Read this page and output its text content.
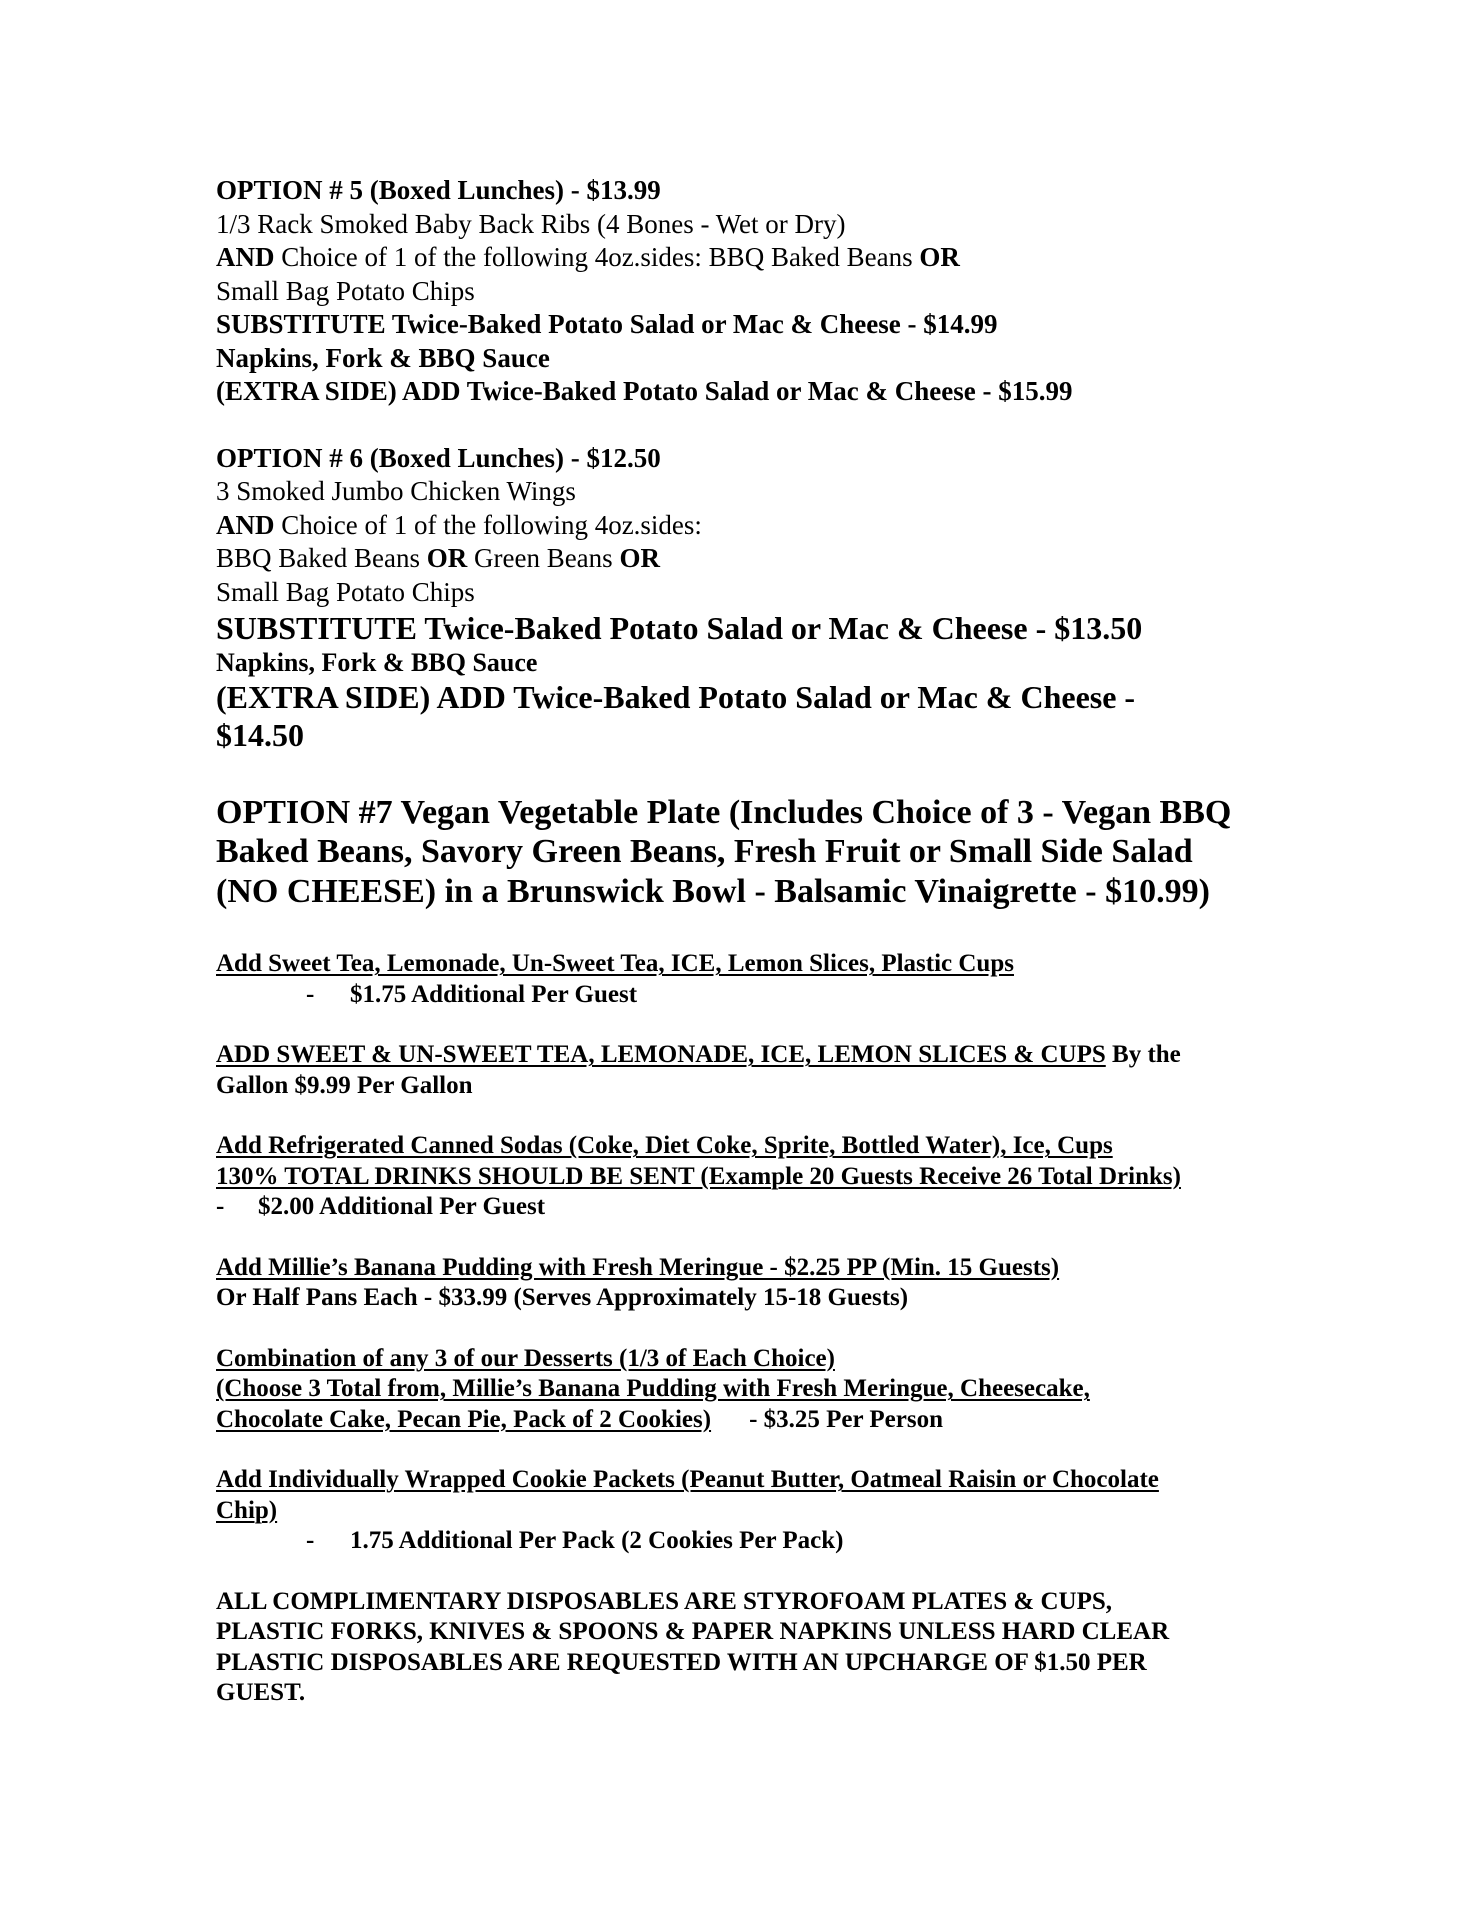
OPTION # 5 (Boxed Lunches) - $13.99
1/3 Rack Smoked Baby Back Ribs (4 Bones - Wet or Dry)
AND Choice of 1 of the following 4oz.sides: BBQ Baked Beans OR
Small Bag Potato Chips
SUBSTITUTE Twice-Baked Potato Salad or Mac & Cheese - $14.99
Napkins, Fork & BBQ Sauce
(EXTRA SIDE) ADD Twice-Baked Potato Salad or Mac & Cheese - $15.99
OPTION # 6 (Boxed Lunches) - $12.50
3 Smoked Jumbo Chicken Wings
AND Choice of 1 of the following 4oz.sides:
BBQ Baked Beans OR Green Beans OR
Small Bag Potato Chips
SUBSTITUTE Twice-Baked Potato Salad or Mac & Cheese - $13.50
Napkins, Fork & BBQ Sauce
(EXTRA SIDE) ADD Twice-Baked Potato Salad or Mac & Cheese -
$14.50
OPTION #7 Vegan Vegetable Plate (Includes Choice of 3 - Vegan BBQ
Baked Beans, Savory Green Beans, Fresh Fruit or Small Side Salad
(NO CHEESE) in a Brunswick Bowl - Balsamic Vinaigrette - $10.99)
Add Sweet Tea, Lemonade, Un-Sweet Tea, ICE, Lemon Slices, Plastic Cups
- $1.75 Additional Per Guest
ADD SWEET & UN-SWEET TEA, LEMONADE, ICE, LEMON SLICES & CUPS By the
Gallon $9.99 Per Gallon
Add Refrigerated Canned Sodas (Coke, Diet Coke, Sprite, Bottled Water), Ice, Cups
130% TOTAL DRINKS SHOULD BE SENT (Example 20 Guests Receive 26 Total Drinks)
- $2.00 Additional Per Guest
Add Millie’s Banana Pudding with Fresh Meringue - $2.25 PP (Min. 15 Guests)
Or Half Pans Each - $33.99 (Serves Approximately 15-18 Guests)
Combination of any 3 of our Desserts (1/3 of Each Choice)
(Choose 3 Total from, Millie’s Banana Pudding with Fresh Meringue, Cheesecake,
Chocolate Cake, Pecan Pie, Pack of 2 Cookies) - $3.25 Per Person
Add Individually Wrapped Cookie Packets (Peanut Butter, Oatmeal Raisin or Chocolate
Chip)
- 1.75 Additional Per Pack (2 Cookies Per Pack)
ALL COMPLIMENTARY DISPOSABLES ARE STYROFOAM PLATES & CUPS,
PLASTIC FORKS, KNIVES & SPOONS & PAPER NAPKINS UNLESS HARD CLEAR
PLASTIC DISPOSABLES ARE REQUESTED WITH AN UPCHARGE OF $1.50 PER
GUEST.
